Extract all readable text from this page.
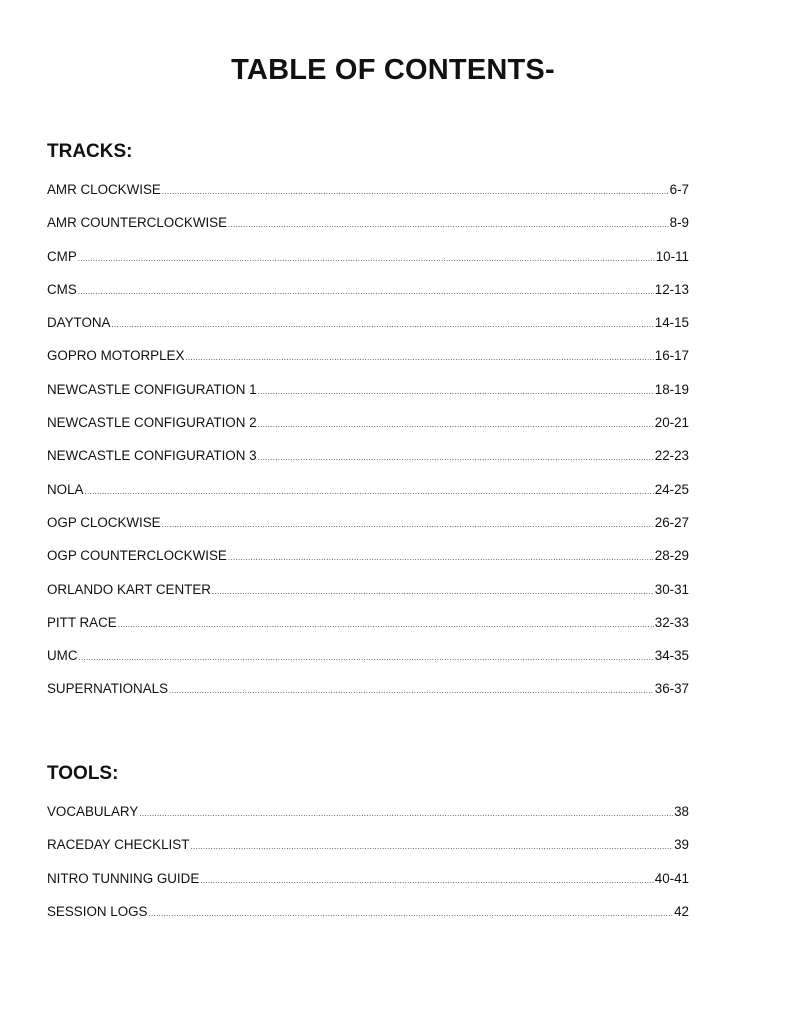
TABLE OF CONTENTS-
TRACKS:
AMR CLOCKWISE .....	6-7
AMR COUNTERCLOCKWISE .....	8-9
CMP .....	10-11
CMS .....	12-13
DAYTONA .....	14-15
GOPRO MOTORPLEX .....	16-17
NEWCASTLE CONFIGURATION 1 .....	18-19
NEWCASTLE CONFIGURATION 2 .....	20-21
NEWCASTLE CONFIGURATION 3 .....	22-23
NOLA .....	24-25
OGP CLOCKWISE .....	26-27
OGP COUNTERCLOCKWISE .....	28-29
ORLANDO KART CENTER .....	30-31
PITT RACE .....	32-33
UMC .....	34-35
SUPERNATIONALS .....	36-37
TOOLS:
VOCABULARY .....	38
RACEDAY CHECKLIST .....	39
NITRO TUNNING GUIDE .....	40-41
SESSION LOGS .....	42
